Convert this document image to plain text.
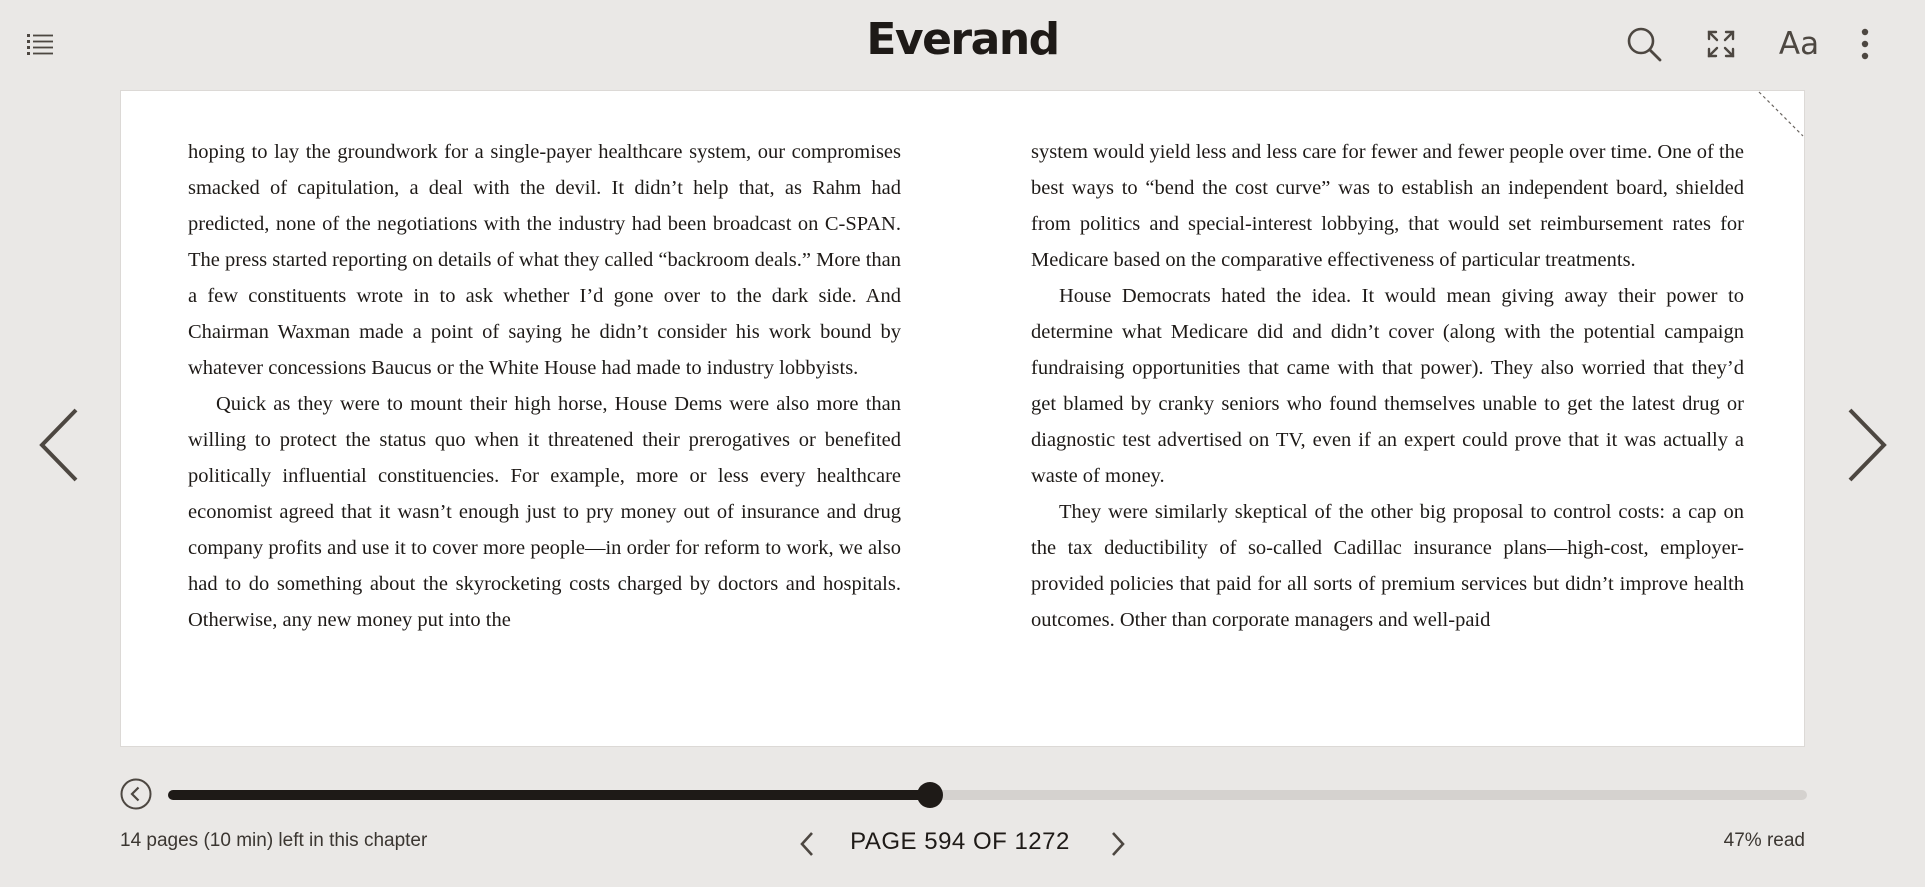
Everand	Aa

hoping to lay the groundwork for a single-payer healthcare system, our compromises smacked of capitulation, a deal with the devil. It didn’t help that, as Rahm had predicted, none of the negotiations with the industry had been broadcast on C-SPAN. The press started reporting on details of what they called “backroom deals.” More than a few constituents wrote in to ask whether I’d gone over to the dark side. And Chairman Waxman made a point of saying he didn’t consider his work bound by whatever concessions Baucus or the White House had made to industry lobbyists.

Quick as they were to mount their high horse, House Dems were also more than willing to protect the status quo when it threatened their prerogatives or benefited politically influential constituencies. For example, more or less every healthcare economist agreed that it wasn’t enough just to pry money out of insurance and drug company profits and use it to cover more people—in order for reform to work, we also had to do something about the skyrocketing costs charged by doctors and hospitals. Otherwise, any new money put into the

system would yield less and less care for fewer and fewer people over time. One of the best ways to “bend the cost curve” was to establish an independent board, shielded from politics and special-interest lobbying, that would set reimbursement rates for Medicare based on the comparative effectiveness of particular treatments.

House Democrats hated the idea. It would mean giving away their power to determine what Medicare did and didn’t cover (along with the potential campaign fundraising opportunities that came with that power). They also worried that they’d get blamed by cranky seniors who found themselves unable to get the latest drug or diagnostic test advertised on TV, even if an expert could prove that it was actually a waste of money.

They were similarly skeptical of the other big proposal to control costs: a cap on the tax deductibility of so-called Cadillac insurance plans—high-cost, employer-provided policies that paid for all sorts of premium services but didn’t improve health outcomes. Other than corporate managers and well-paid

14 pages (10 min) left in this chapter	PAGE 594 OF 1272	47% read
